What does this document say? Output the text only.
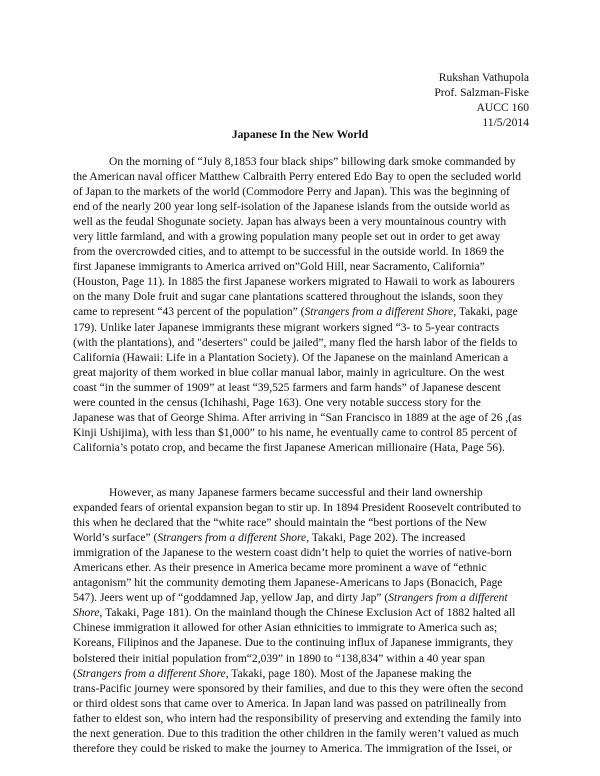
Rukshan Vathupola
Prof. Salzman-Fiske
AUCC 160
11/5/2014
Japanese In the New World

On the morning of “July 8,1853 four black ships” billowing dark smoke commanded by
the American naval officer Matthew Calbraith Perry entered Edo Bay to open the secluded world
of Japan to the markets of the world (Commodore Perry and Japan). This was the beginning of
end of the nearly 200 year long self-isolation of the Japanese islands from the outside world as
well as the feudal Shogunate society. Japan has always been a very mountainous country with
very little farmland, and with a growing population many people set out in order to get away
from the overcrowded cities, and to attempt to be successful in the outside world. In 1869 the
first Japanese immigrants to America arrived on”Gold Hill, near Sacramento, California”
(Houston, Page 11). In 1885 the first Japanese workers migrated to Hawaii to work as labourers
on the many Dole fruit and sugar cane plantations scattered throughout the islands, soon they
came to represent “43 percent of the population” (Strangers from a different Shore, Takaki, page
179). Unlike later Japanese immigrants these migrant workers signed “3- to 5-year contracts
(with the plantations), and "deserters" could be jailed”, many fled the harsh labor of the fields to
California (Hawaii: Life in a Plantation Society). Of the Japanese on the mainland American a
great majority of them worked in blue collar manual labor, mainly in agriculture. On the west
coast “in the summer of 1909” at least “39,525 farmers and farm hands” of Japanese descent
were counted in the census (Ichihashi, Page 163). One very notable success story for the
Japanese was that of George Shima. After arriving in “San Francisco in 1889 at the age of 26 ,(as
Kinji Ushijima), with less than $1,000” to his name, he eventually came to control 85 percent of
California’s potato crop, and became the first Japanese American millionaire (Hata, Page 56).

However, as many Japanese farmers became successful and their land ownership
expanded fears of oriental expansion began to stir up. In 1894 President Roosevelt contributed to
this when he declared that the “white race” should maintain the “best portions of the New
World’s surface” (Strangers from a different Shore, Takaki, Page 202). The increased
immigration of the Japanese to the western coast didn’t help to quiet the worries of native-born
Americans ether. As their presence in America became more prominent a wave of “ethnic
antagonism” hit the community demoting them Japanese-Americans to Japs (Bonacich, Page
547). Jeers went up of “goddamned Jap, yellow Jap, and dirty Jap” (Strangers from a different
Shore, Takaki, Page 181). On the mainland though the Chinese Exclusion Act of 1882 halted all
Chinese immigration it allowed for other Asian ethnicities to immigrate to America such as;
Koreans, Filipinos and the Japanese. Due to the continuing influx of Japanese immigrants, they
bolstered their initial population from“2,039” in 1890 to “138,834” within a 40 year span
(Strangers from a different Shore, Takaki, page 180). Most of the Japanese making the
trans-Pacific journey were sponsored by their families, and due to this they were often the second
or third oldest sons that came over to America. In Japan land was passed on patrilineally from
father to eldest son, who intern had the responsibility of preserving and extending the family into
the next generation. Due to this tradition the other children in the family weren’t valued as much
therefore they could be risked to make the journey to America. The immigration of the Issei, or
